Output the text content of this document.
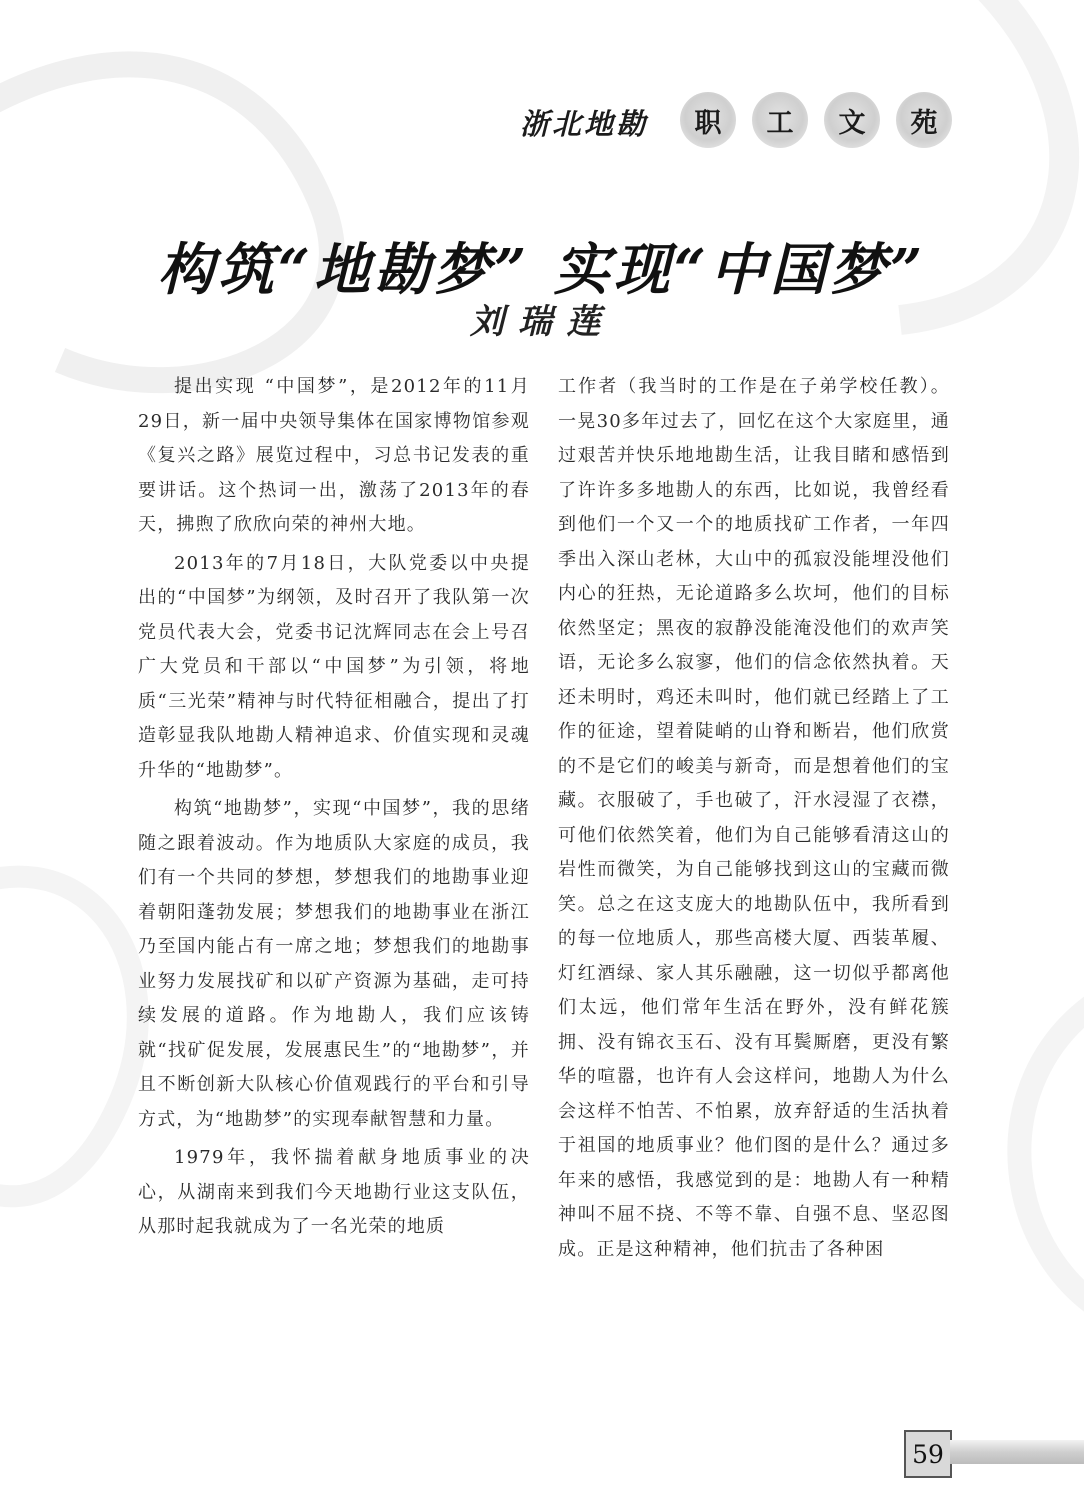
浙北地勘 职 工 文 苑
构筑“地勘梦” 实现“中国梦”
刘瑞莲

提出实现 “中国梦”，是2012年的11月29日，新一届中央领导集体在国家博物馆参观《复兴之路》展览过程中，习总书记发表的重要讲话。这个热词一出，激荡了2013年的春天，拂煦了欣欣向荣的神州大地。

2013年的7月18日，大队党委以中央提出的“中国梦”为纲领，及时召开了我队第一次党员代表大会，党委书记沈辉同志在会上号召广大党员和干部以“中国梦”为引领，将地质“三光荣”精神与时代特征相融合，提出了打造彰显我队地勘人精神追求、价值实现和灵魂升华的“地勘梦”。

构筑“地勘梦”，实现“中国梦”，我的思绪随之跟着波动。作为地质队大家庭的成员，我们有一个共同的梦想，梦想我们的地勘事业迎着朝阳蓬勃发展；梦想我们的地勘事业在浙江乃至国内能占有一席之地；梦想我们的地勘事业努力发展找矿和以矿产资源为基础，走可持续发展的道路。作为地勘人，我们应该铸就“找矿促发展，发展惠民生”的“地勘梦”，并且不断创新大队核心价值观践行的平台和引导方式，为“地勘梦”的实现奉献智慧和力量。

1979年，我怀揣着献身地质事业的决心，从湖南来到我们今天地勘行业这支队伍，从那时起我就成为了一名光荣的地质

工作者（我当时的工作是在子弟学校任教）。一晃30多年过去了，回忆在这个大家庭里，通过艰苦并快乐地地勘生活，让我目睹和感悟到了许许多多地勘人的东西，比如说，我曾经看到他们一个又一个的地质找矿工作者，一年四季出入深山老林，大山中的孤寂没能埋没他们内心的狂热，无论道路多么坎坷，他们的目标依然坚定；黑夜的寂静没能淹没他们的欢声笑语，无论多么寂寥，他们的信念依然执着。天还未明时，鸡还未叫时，他们就已经踏上了工作的征途，望着陡峭的山脊和断岩，他们欣赏的不是它们的峻美与新奇，而是想着他们的宝藏。衣服破了，手也破了，汗水浸湿了衣襟，可他们依然笑着，他们为自己能够看清这山的岩性而微笑，为自己能够找到这山的宝藏而微笑。总之在这支庞大的地勘队伍中，我所看到的每一位地质人，那些高楼大厦、西装革履、灯红酒绿、家人其乐融融，这一切似乎都离他们太远，他们常年生活在野外，没有鲜花簇拥、没有锦衣玉石、没有耳鬓厮磨，更没有繁华的喧嚣，也许有人会这样问，地勘人为什么会这样不怕苦、不怕累，放弃舒适的生活执着于祖国的地质事业？他们图的是什么？通过多年来的感悟，我感觉到的是：地勘人有一种精神叫不屈不挠、不等不靠、自强不息、坚忍图成。正是这种精神，他们抗击了各种困

59
